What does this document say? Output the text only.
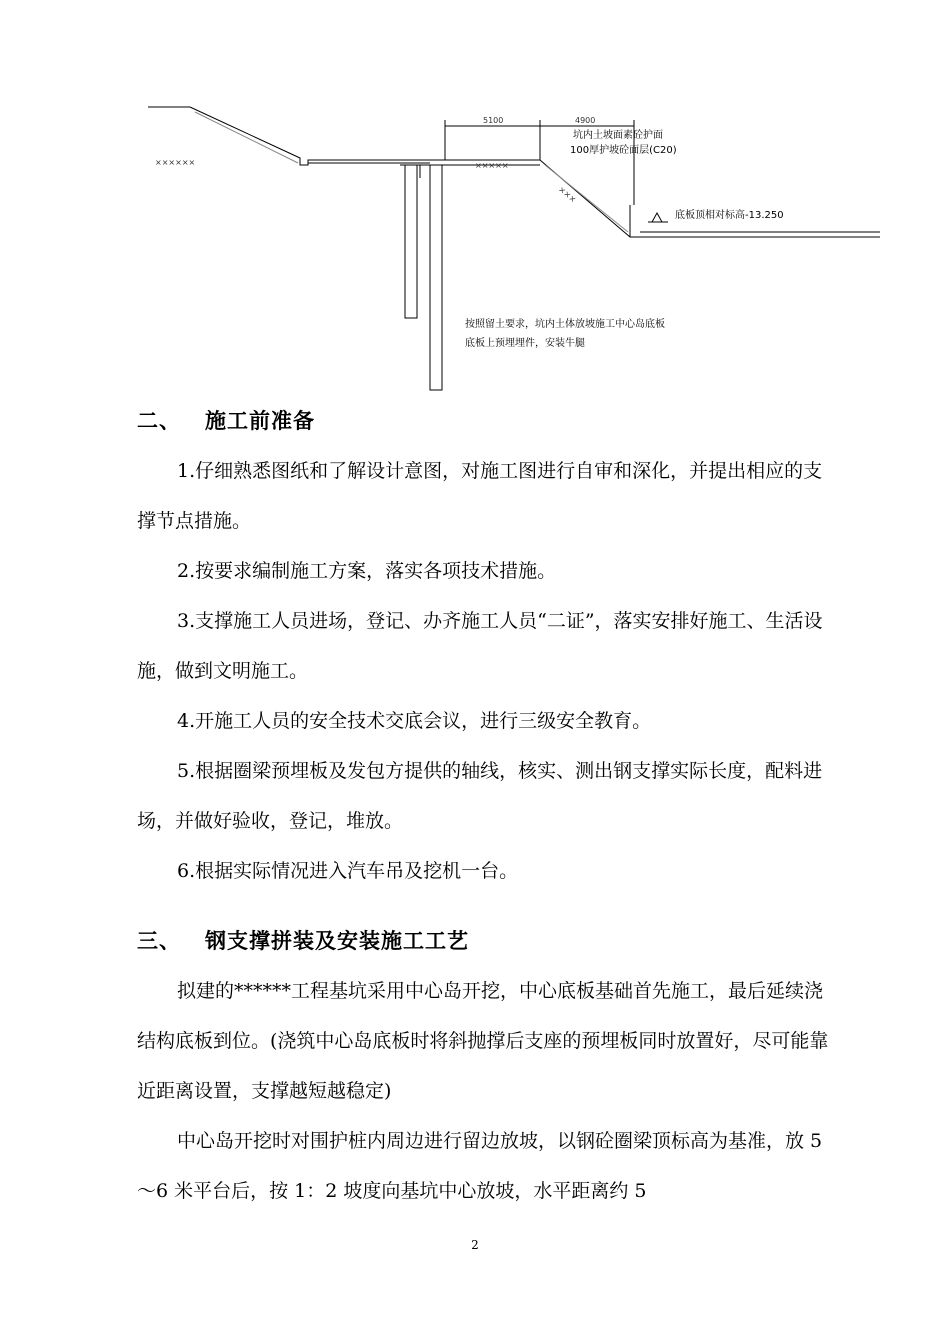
××××××	×××××
×××
5100	4900
坑内土坡面素砼护面
100厚护坡砼面层(C20)
底板顶相对标高-13.250
按照留土要求，坑内土体放坡施工中心岛底板
底板上预埋埋件，安装牛腿
二、 施工前准备
1.仔细熟悉图纸和了解设计意图，对施工图进行自审和深化，并提出相应的支撑节点措施。
2.按要求编制施工方案，落实各项技术措施。
3.支撑施工人员进场，登记、办齐施工人员“二证”，落实安排好施工、生活设施，做到文明施工。
4.开施工人员的安全技术交底会议，进行三级安全教育。
5.根据圈梁预埋板及发包方提供的轴线，核实、测出钢支撑实际长度，配料进场，并做好验收，登记，堆放。
6.根据实际情况进入汽车吊及挖机一台。
三、 钢支撑拼装及安装施工工艺
拟建的******工程基坑采用中心岛开挖，中心底板基础首先施工，最后延续浇结构底板到位。(浇筑中心岛底板时将斜抛撑后支座的预埋板同时放置好，尽可能靠近距离设置，支撑越短越稳定)
中心岛开挖时对围护桩内周边进行留边放坡，以钢砼圈梁顶标高为基准，放 5～6 米平台后，按 1：2 坡度向基坑中心放坡，水平距离约 5
2
